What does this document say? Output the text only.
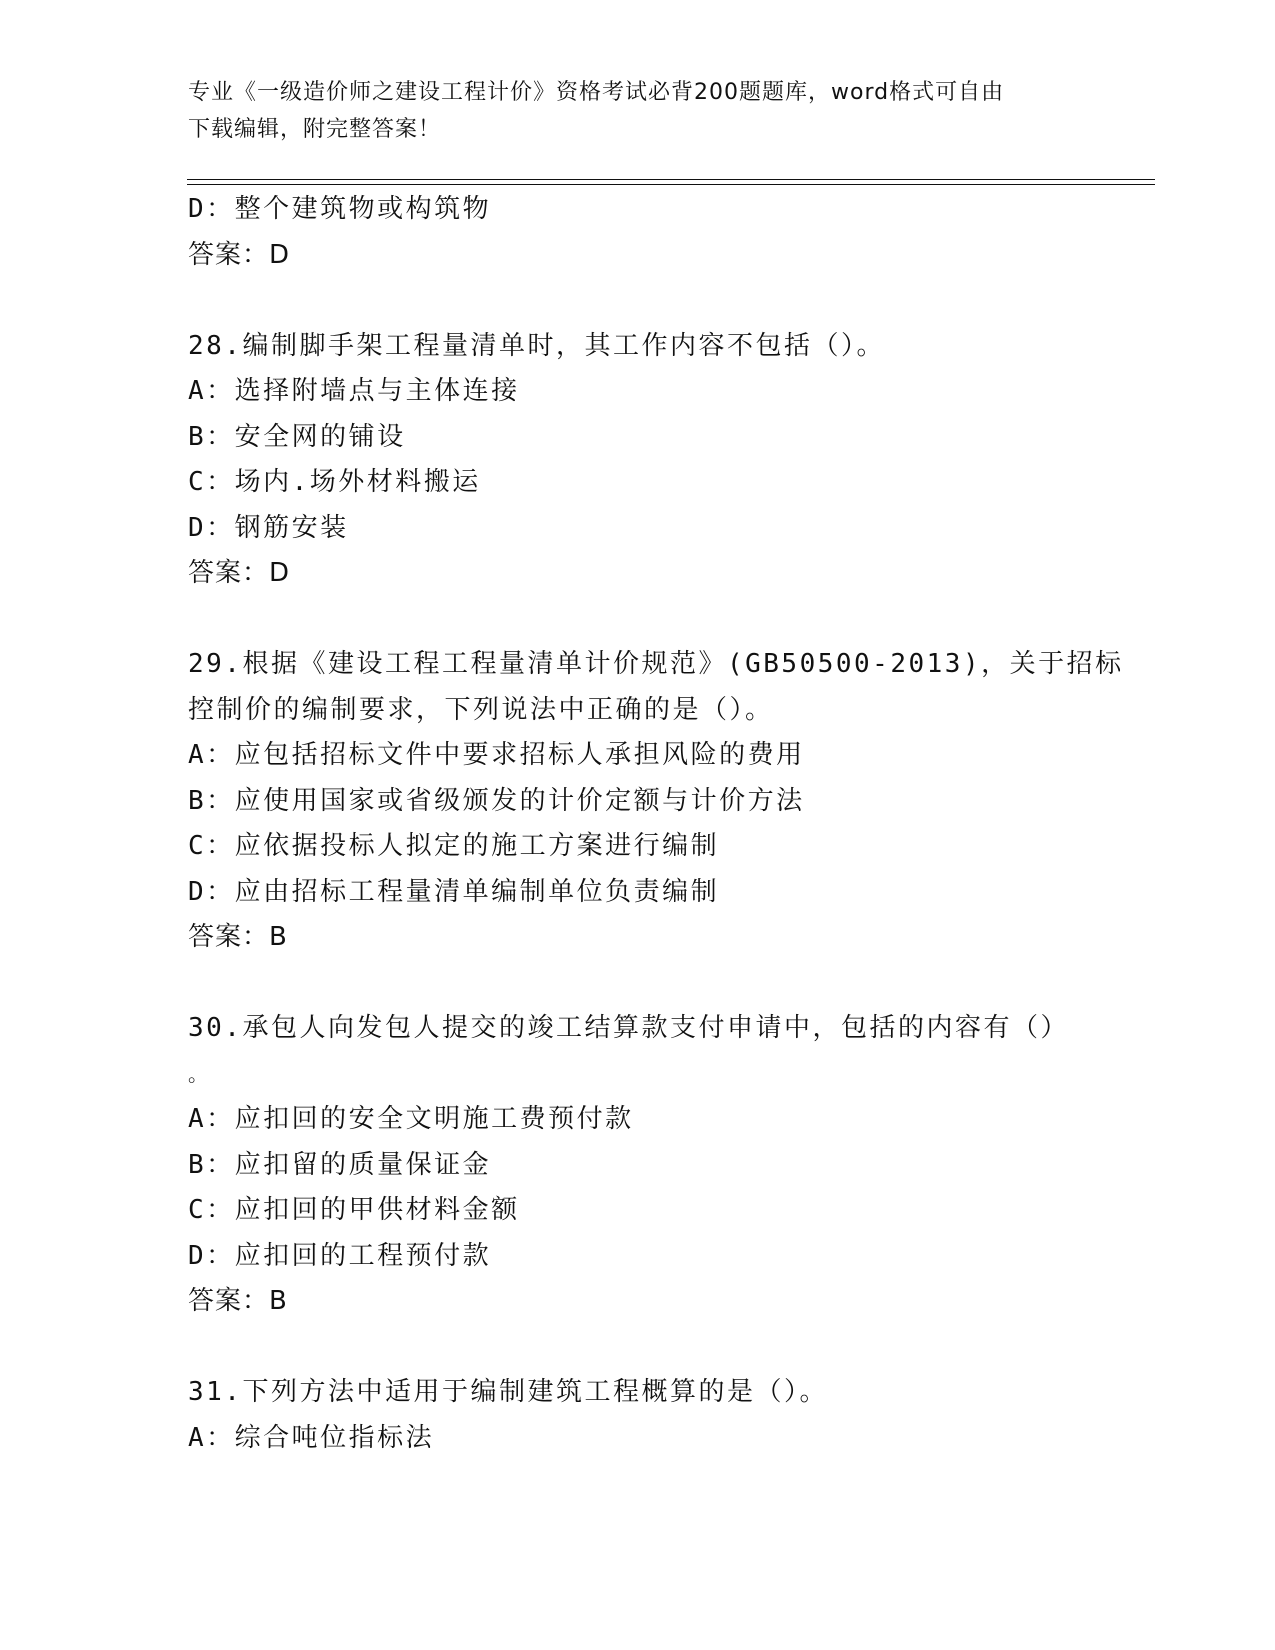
专业《一级造价师之建设工程计价》资格考试必背200题题库，word格式可自由
下载编辑，附完整答案！
D：整个建筑物或构筑物
答案：D
28.编制脚手架工程量清单时，其工作内容不包括（）。
A：选择附墙点与主体连接
B：安全网的铺设
C：场内.场外材料搬运
D：钢筋安装
答案：D
29.根据《建设工程工程量清单计价规范》(GB50500-2013)，关于招标
控制价的编制要求，下列说法中正确的是（）。
A：应包括招标文件中要求招标人承担风险的费用
B：应使用国家或省级颁发的计价定额与计价方法
C：应依据投标人拟定的施工方案进行编制
D：应由招标工程量清单编制单位负责编制
答案：B
30.承包人向发包人提交的竣工结算款支付申请中，包括的内容有（）
。
A：应扣回的安全文明施工费预付款
B：应扣留的质量保证金
C：应扣回的甲供材料金额
D：应扣回的工程预付款
答案：B
31.下列方法中适用于编制建筑工程概算的是（）。
A：综合吨位指标法
